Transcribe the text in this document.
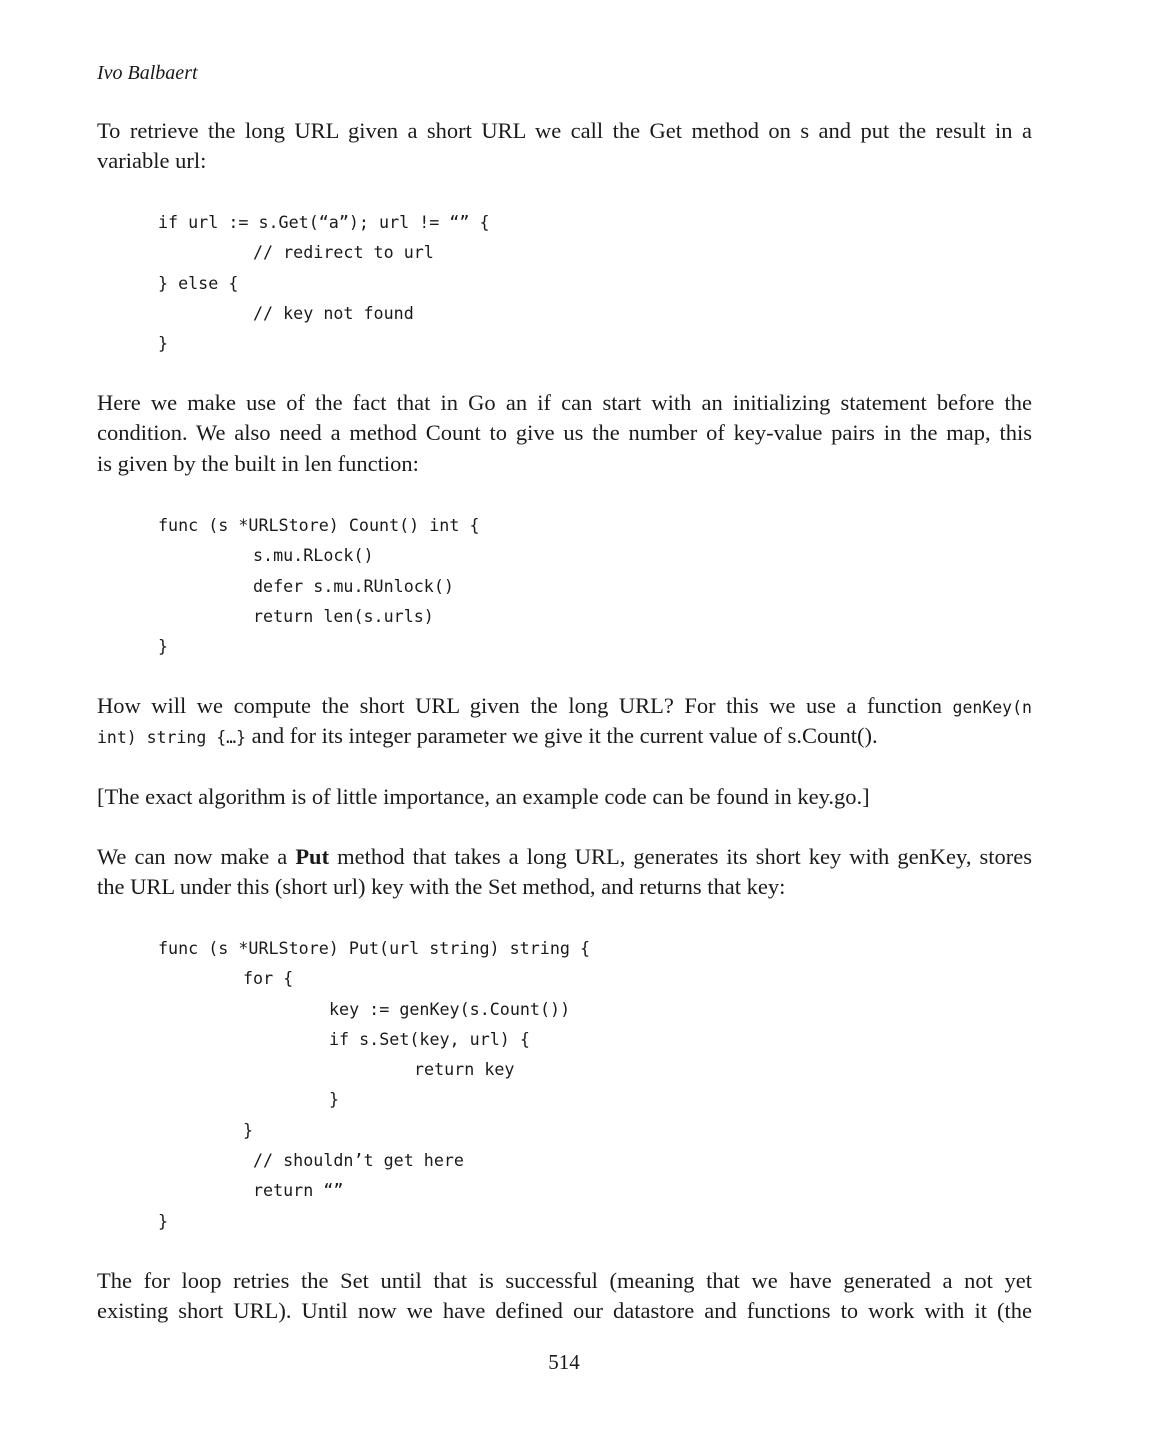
Ivo Balbaert
To retrieve the long URL given a short URL we call the Get method on s and put the result in a
variable url:
if url := s.Get(“a”); url != “” {
// redirect to url
} else {
// key not found
}
Here we make use of the fact that in Go an if can start with an initializing statement before the
condition. We also need a method Count to give us the number of key-value pairs in the map, this
is given by the built in len function:
func (s *URLStore) Count() int {
s.mu.RLock()
defer s.mu.RUnlock()
return len(s.urls)
}
How will we compute the short URL given the long URL? For this we use a function genKey(n
int) string {…} and for its integer parameter we give it the current value of s.Count().
[The exact algorithm is of little importance, an example code can be found in key.go.]
We can now make a Put method that takes a long URL, generates its short key with genKey, stores
the URL under this (short url) key with the Set method, and returns that key:
func (s *URLStore) Put(url string) string {
for {
key := genKey(s.Count())
if s.Set(key, url) {
return key
}
}
// shouldn’t get here
return “”
}
The for loop retries the Set until that is successful (meaning that we have generated a not yet
existing short URL). Until now we have defined our datastore and functions to work with it (the
514
